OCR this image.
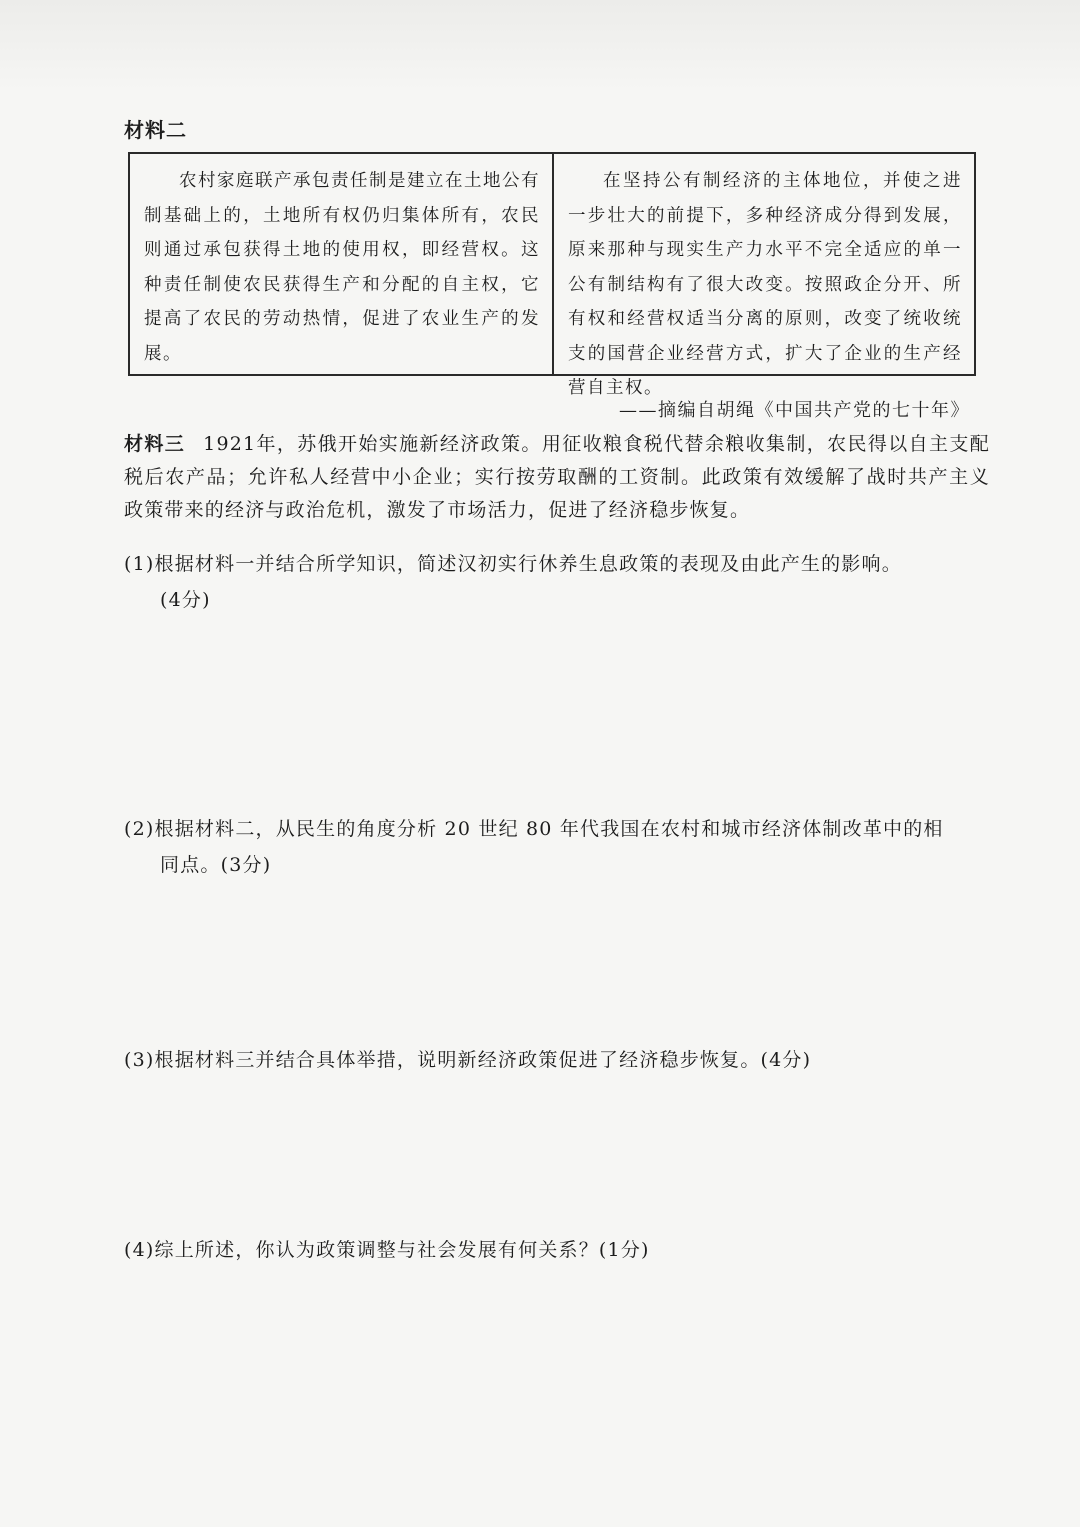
材料二
农村家庭联产承包责任制是建立在土地公有制基础上的，土地所有权仍归集体所有，农民则通过承包获得土地的使用权，即经营权。这种责任制使农民获得生产和分配的自主权，它提高了农民的劳动热情，促进了农业生产的发展。
在坚持公有制经济的主体地位，并使之进一步壮大的前提下，多种经济成分得到发展，原来那种与现实生产力水平不完全适应的单一公有制结构有了很大改变。按照政企分开、所有权和经营权适当分离的原则，改变了统收统支的国营企业经营方式，扩大了企业的生产经营自主权。
——摘编自胡绳《中国共产党的七十年》
材料三 1921年，苏俄开始实施新经济政策。用征收粮食税代替余粮收集制，农民得以自主支配税后农产品；允许私人经营中小企业；实行按劳取酬的工资制。此政策有效缓解了战时共产主义政策带来的经济与政治危机，激发了市场活力，促进了经济稳步恢复。
(1)根据材料一并结合所学知识，简述汉初实行休养生息政策的表现及由此产生的影响。
(4分)
(2)根据材料二，从民生的角度分析 20 世纪 80 年代我国在农村和城市经济体制改革中的相
同点。(3分)
(3)根据材料三并结合具体举措，说明新经济政策促进了经济稳步恢复。(4分)
(4)综上所述，你认为政策调整与社会发展有何关系？(1分)
